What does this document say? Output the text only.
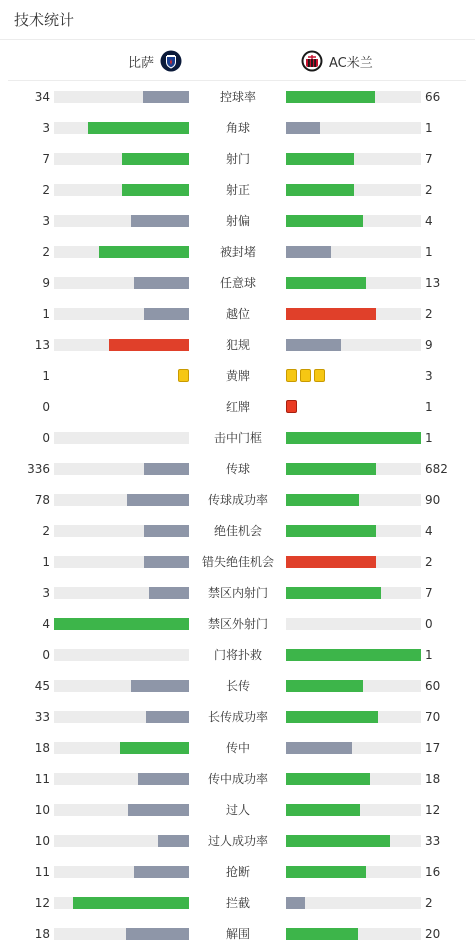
技术统计
比萨	AC米兰
34	控球率	66
3	角球	1
7	射门	7
2	射正	2
3	射偏	4
2	被封堵	1
9	任意球	13
1	越位	2
13	犯规	9
1	黄牌	3
0	红牌	1
0	击中门框	1
336	传球	682
78	传球成功率	90
2	绝佳机会	4
1	错失绝佳机会	2
3	禁区内射门	7
4	禁区外射门	0
0	门将扑救	1
45	长传	60
33	长传成功率	70
18	传中	17
11	传中成功率	18
10	过人	12
10	过人成功率	33
11	抢断	16
12	拦截	2
18	解围	20
